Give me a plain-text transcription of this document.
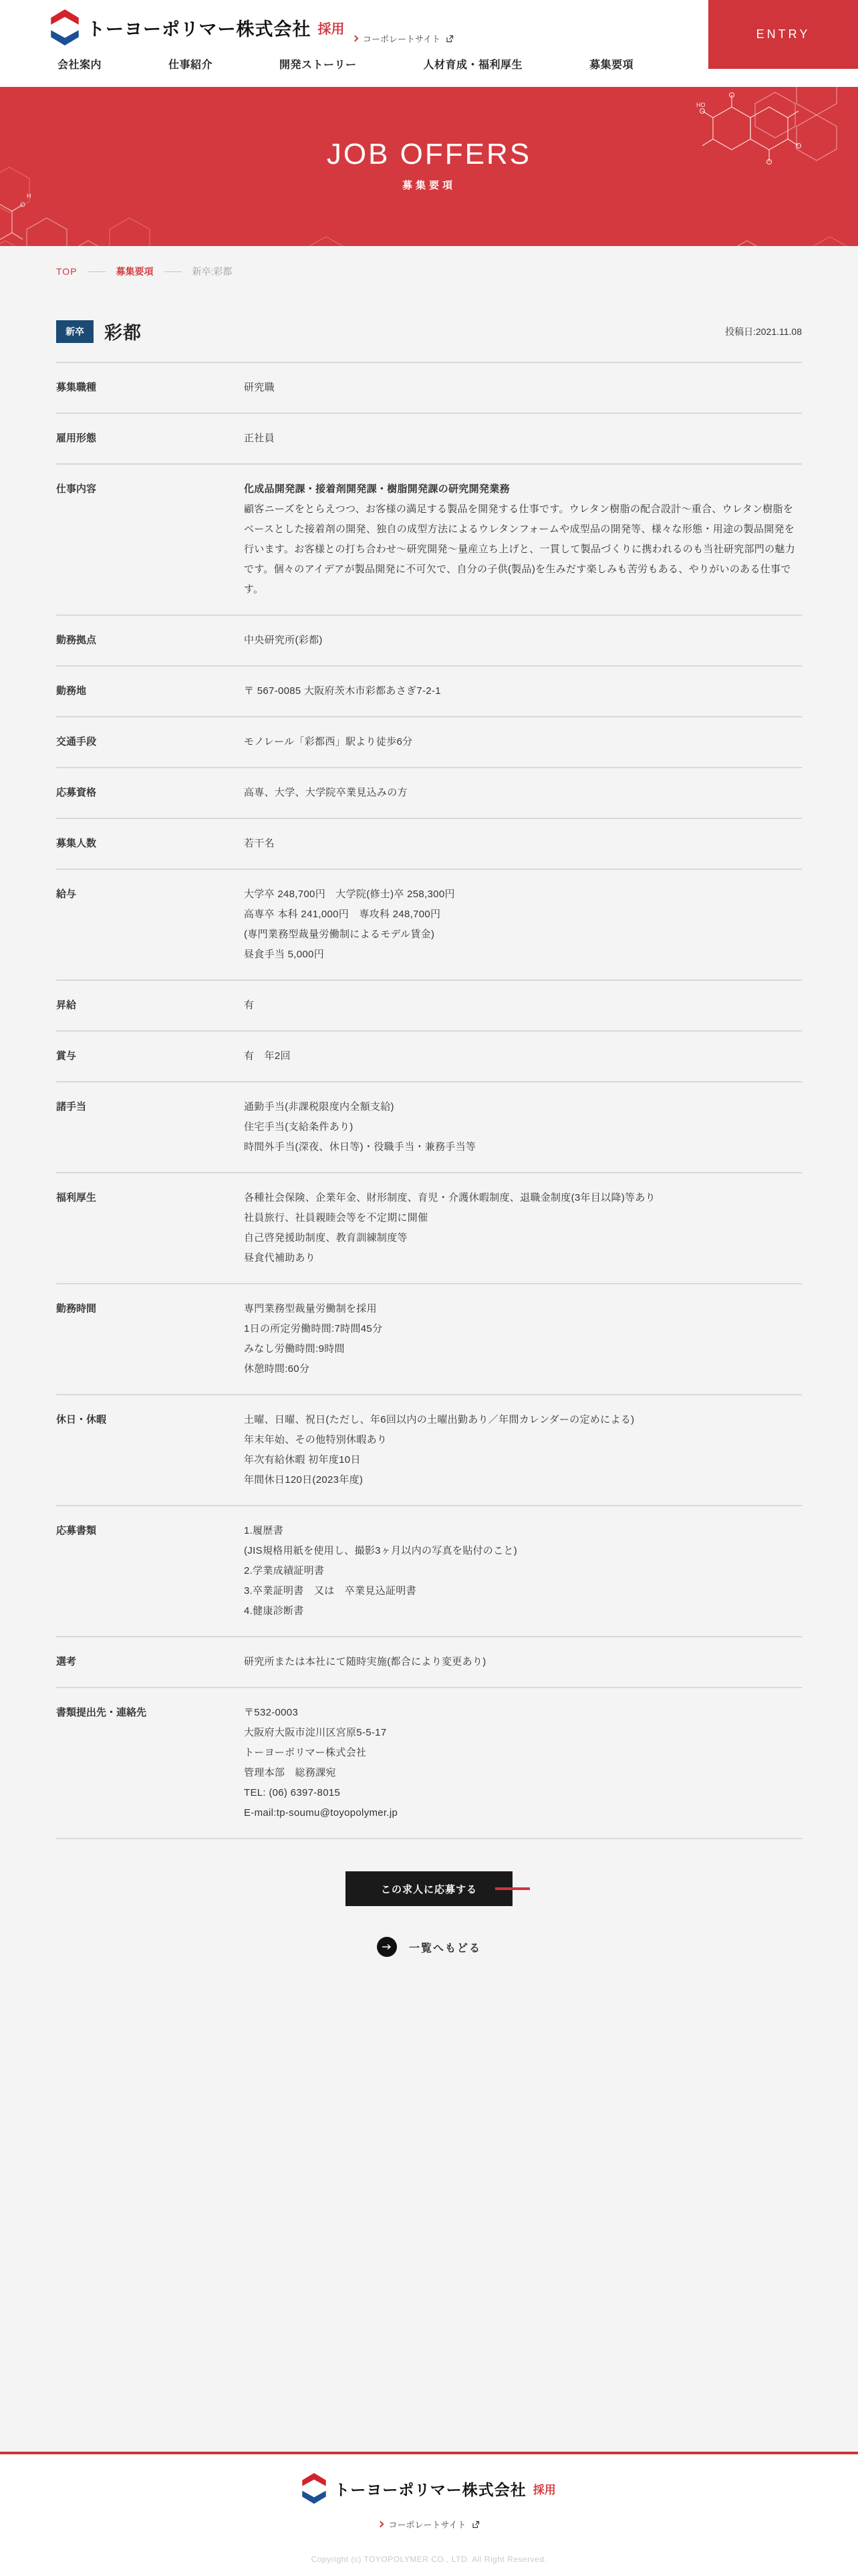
トーヨーポリマー株式会社 採用
コーポレートサイト
会社案内	仕事紹介	開発ストーリー	人材育成・福利厚生	募集要項
ENTRY
HO
H
JOB OFFERS
募集要項
TOP	募集要項	新卒:彩都
新卒	彩都	投稿日:2021.11.08
募集職種	研究職
雇用形態	正社員
仕事内容	化成品開発課・接着剤開発課・樹脂開発課の研究開発業務
顧客ニーズをとらえつつ、お客様の満足する製品を開発する仕事です。ウレタン樹脂の配合設計〜重合、ウレタン樹脂をベースとした接着剤の開発、独自の成型方法によるウレタンフォームや成型品の開発等、様々な形態・用途の製品開発を行います。お客様との打ち合わせ〜研究開発〜量産立ち上げと、一貫して製品づくりに携われるのも当社研究部門の魅力です。個々のアイデアが製品開発に不可欠で、自分の子供(製品)を生みだす楽しみも苦労もある、やりがいのある仕事です。
勤務拠点	中央研究所(彩都)
勤務地	〒 567-0085 大阪府茨木市彩都あさぎ7-2-1
交通手段	モノレール「彩都西」駅より徒歩6分
応募資格	高専、大学、大学院卒業見込みの方
募集人数	若干名
給与	大学卒 248,700円　大学院(修士)卒 258,300円
高専卒 本科 241,000円　専攻科 248,700円
(専門業務型裁量労働制によるモデル賃金)
昼食手当 5,000円
昇給	有
賞与	有　年2回
諸手当	通勤手当(非課税限度内全額支給)
住宅手当(支給条件あり)
時間外手当(深夜、休日等)・役職手当・兼務手当等
福利厚生	各種社会保険、企業年金、財形制度、育児・介護休暇制度、退職金制度(3年目以降)等あり
社員旅行、社員親睦会等を不定期に開催
自己啓発援助制度、教育訓練制度等
昼食代補助あり
勤務時間	専門業務型裁量労働制を採用
1日の所定労働時間:7時間45分
みなし労働時間:9時間
休憩時間:60分
休日・休暇	土曜、日曜、祝日(ただし、年6回以内の土曜出勤あり／年間カレンダーの定めによる)
年末年始、その他特別休暇あり
年次有給休暇 初年度10日
年間休日120日(2023年度)
応募書類	1.履歴書
(JIS規格用紙を使用し、撮影3ヶ月以内の写真を貼付のこと)
2.学業成績証明書
3.卒業証明書　又は　卒業見込証明書
4.健康診断書
選考	研究所または本社にて随時実施(都合により変更あり)
書類提出先・連絡先	〒532-0003
大阪府大阪市淀川区宮原5-5-17
トーヨーポリマー株式会社
管理本部　総務課宛
TEL: (06) 6397-8015
E-mail:tp-soumu@toyopolymer.jp
この求人に応募する
一覧へもどる
トーヨーポリマー株式会社 採用
コーポレートサイト
Copyright (c) TOYOPOLYMER CO., LTD. All Right Reserved.
